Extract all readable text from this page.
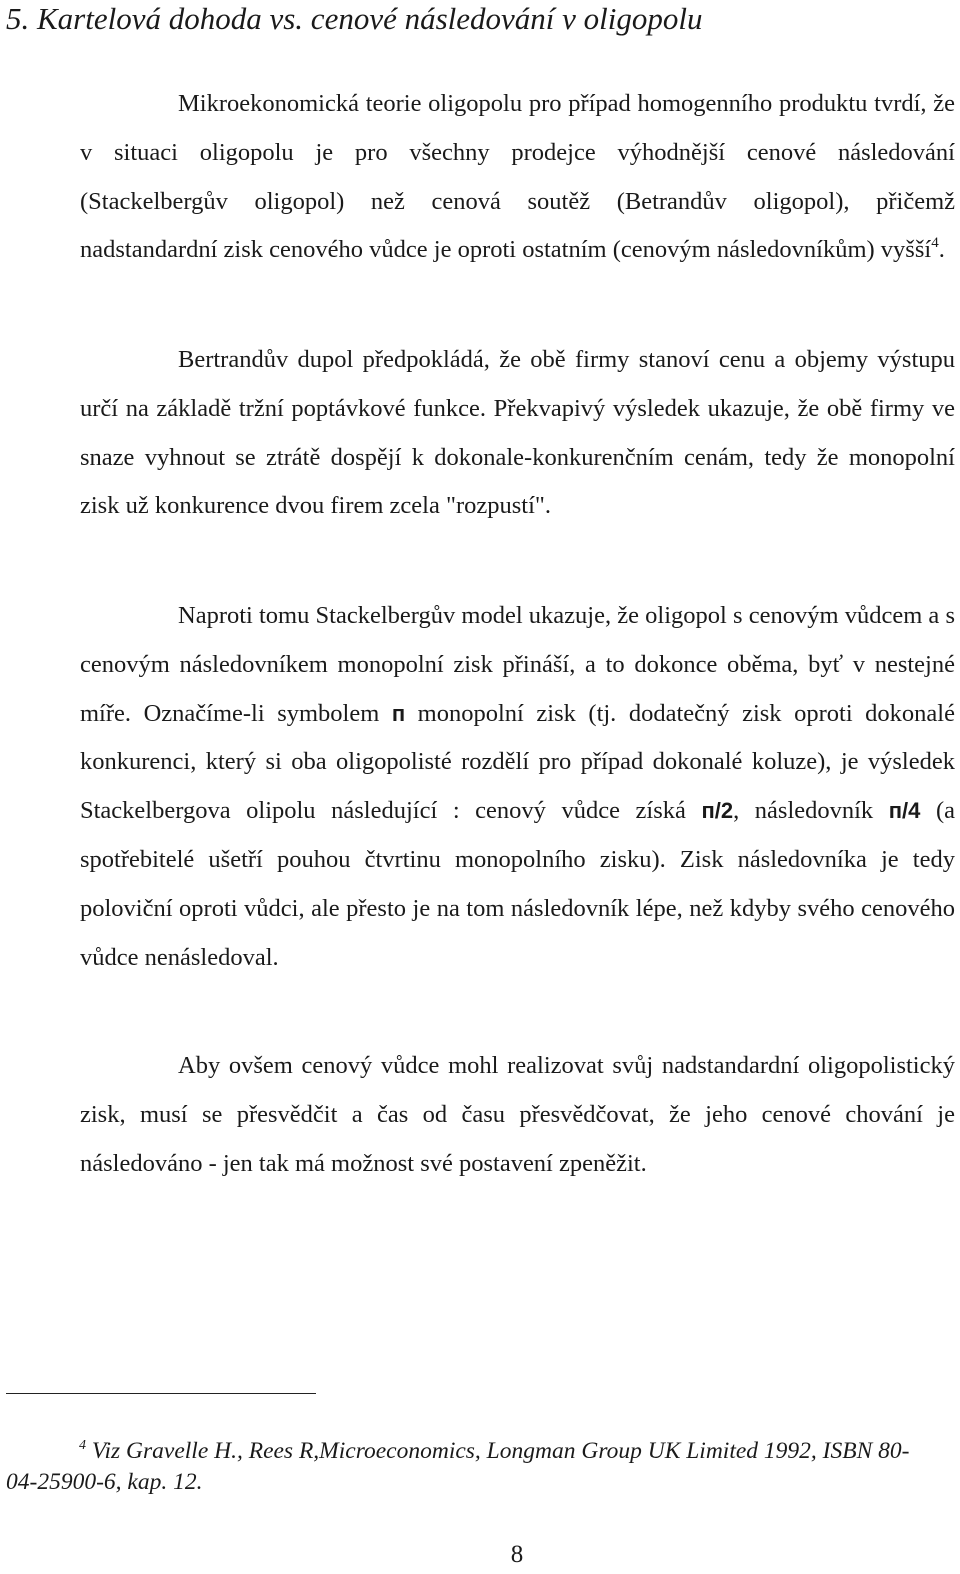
5. Kartelová dohoda vs. cenové následování v oligopolu

Mikroekonomická teorie oligopolu pro případ homogenního produktu tvrdí, že v situaci oligopolu je pro všechny prodejce výhodnější cenové následování (Stackelbergův oligopol) než cenová soutěž (Betrandův oligopol), přičemž nadstandardní zisk cenového vůdce je oproti ostatním (cenovým následovníkům) vyšší$^4$.

Bertrandův dupol předpokládá, že obě firmy stanoví cenu a objemy výstupu určí na základě tržní poptávkové funkce. Překvapivý výsledek ukazuje, že obě firmy ve snaze vyhnout se ztrátě dospějí k dokonale-konkurenčním cenám, tedy že monopolní zisk už konkurence dvou firem zcela "rozpustí".

Naproti tomu Stackelbergův model ukazuje, že oligopol s cenovým vůdcem a s cenovým následovníkem monopolní zisk přináší, a to dokonce oběma, byť v nestejné míře. Označíme-li symbolem п monopolní zisk (tj. dodatečný zisk oproti dokonalé konkurenci, který si oba oligopolisté rozdělí pro případ dokonalé koluze), je výsledek Stackelbergova olipolu následující : cenový vůdce získá п/2, následovník п/4 (a spotřebitelé ušetří pouhou čtvrtinu monopolního zisku). Zisk následovníka je tedy poloviční oproti vůdci, ale přesto je na tom následovník lépe, než kdyby svého cenového vůdce nenásledoval.

Aby ovšem cenový vůdce mohl realizovat svůj nadstandardní oligopolistický zisk, musí se přesvědčit a čas od času přesvědčovat, že jeho cenové chování je následováno - jen tak má možnost své postavení zpeněžit.

$^4$ Viz Gravelle H., Rees R,Microeconomics, Longman Group UK Limited 1992, ISBN 80-04-25900-6, kap. 12.

8
